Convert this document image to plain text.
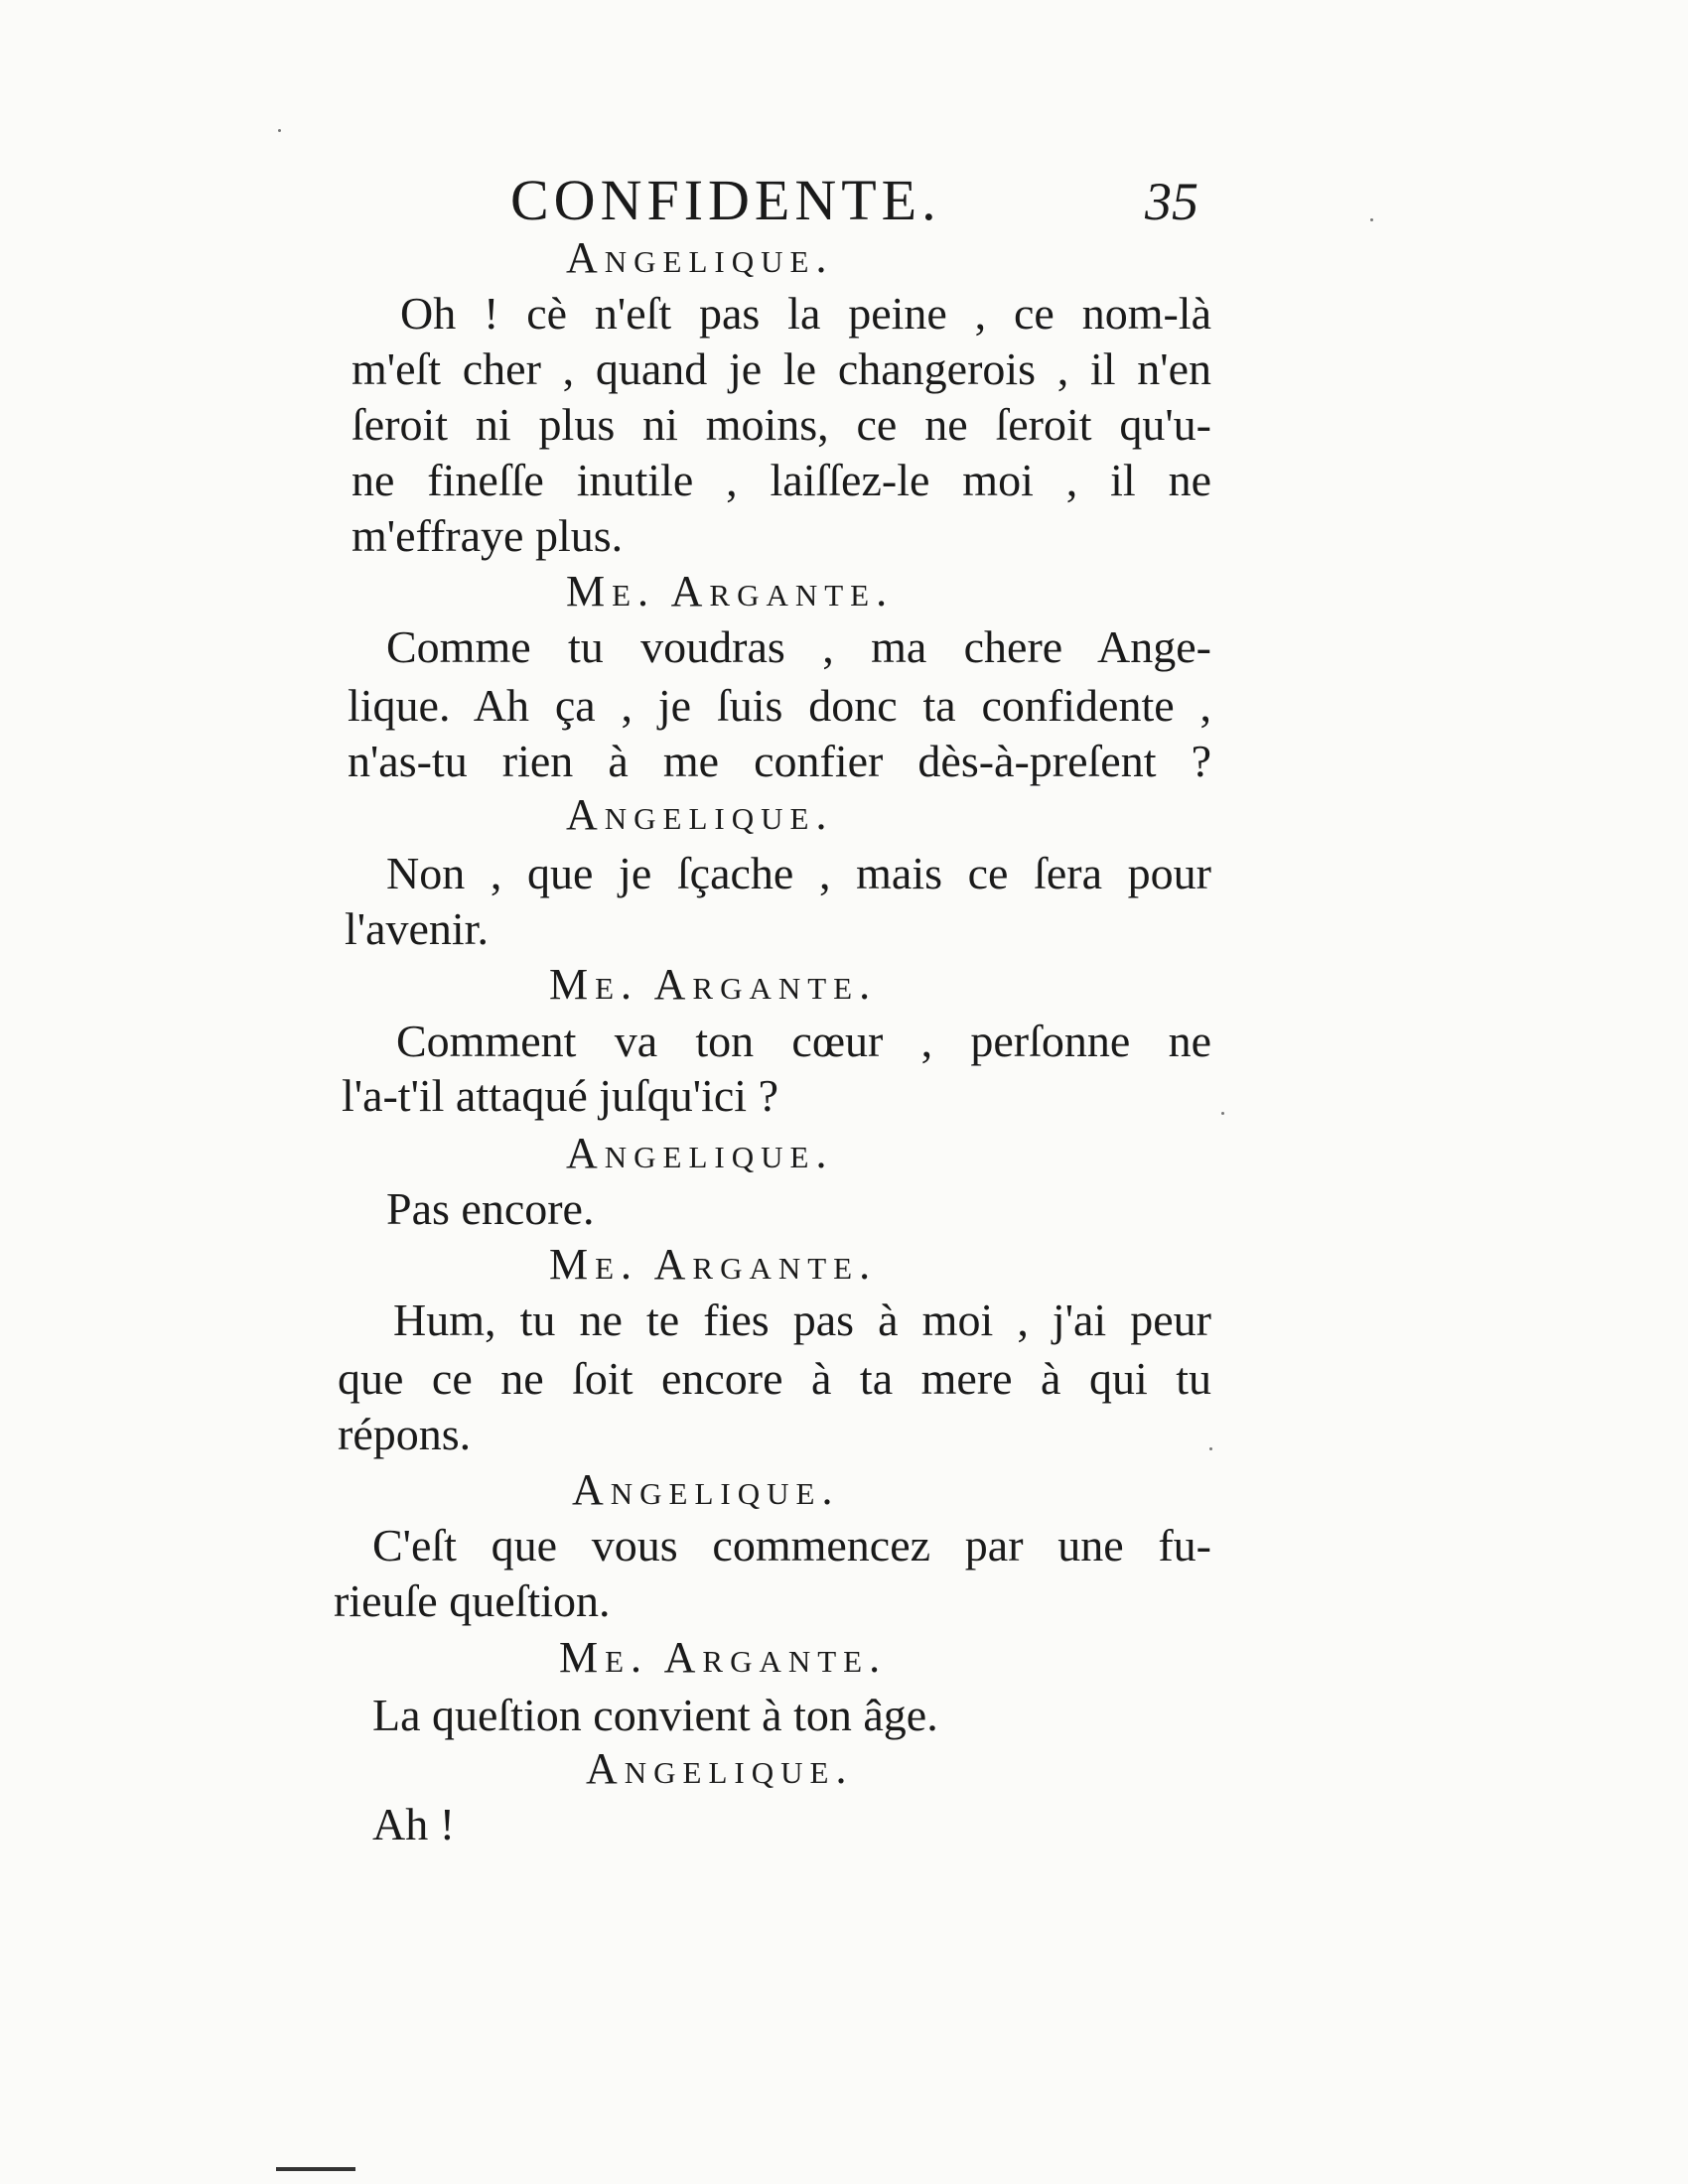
CONFIDENTE.	35
Angelique.
Oh ! cè n'eſt pas la peine , ce nom-là
m'eſt cher , quand je le changerois , il n'en
ſeroit ni plus ni moins, ce ne ſeroit qu'u-
ne fineſſe inutile , laiſſez-le moi , il ne
m'effraye plus.
Me. Argante.
Comme tu voudras , ma chere Ange-
lique. Ah ça , je ſuis donc ta confidente ,
n'as-tu rien à me confier dès-à-preſent ?
Angelique.
Non , que je ſçache , mais ce ſera pour
l'avenir.
Me. Argante.
Comment va ton cœur , perſonne ne
l'a-t'il attaqué juſqu'ici ?
Angelique.
Pas encore.
Me. Argante.
Hum, tu ne te fies pas à moi , j'ai peur
que ce ne ſoit encore à ta mere à qui tu
répons.
Angelique.
C'eſt que vous commencez par une fu-
rieuſe queſtion.
Me. Argante.
La queſtion convient à ton âge.
Angelique.
Ah !
